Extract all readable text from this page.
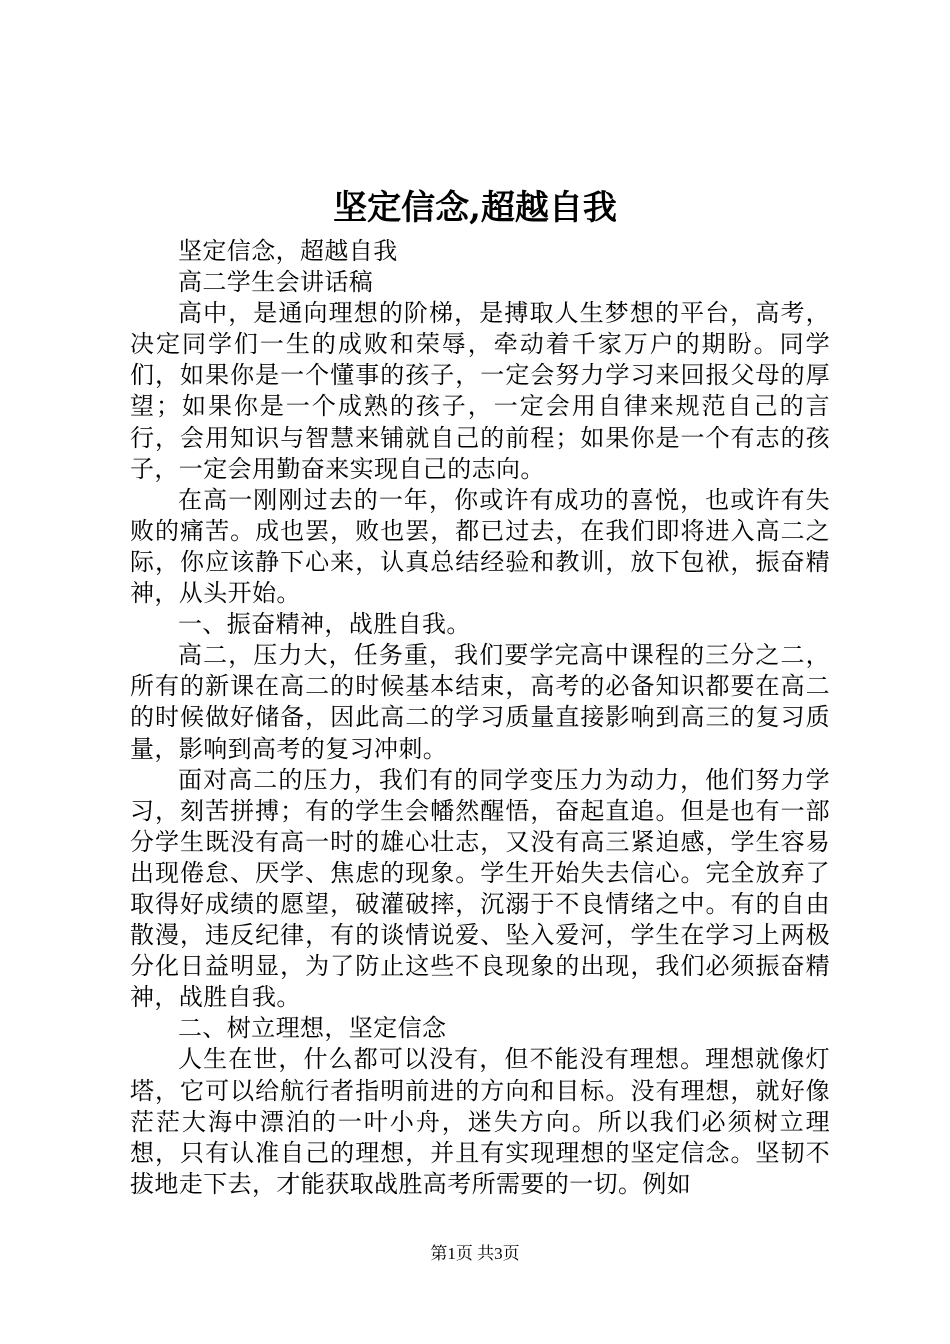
坚定信念,超越自我

坚定信念，超越自我

高二学生会讲话稿

高中，是通向理想的阶梯，是搏取人生梦想的平台，高考，决定同学们一生的成败和荣辱，牵动着千家万户的期盼。同学们，如果你是一个懂事的孩子，一定会努力学习来回报父母的厚望；如果你是一个成熟的孩子，一定会用自律来规范自己的言行，会用知识与智慧来铺就自己的前程；如果你是一个有志的孩子，一定会用勤奋来实现自己的志向。

在高一刚刚过去的一年，你或许有成功的喜悦，也或许有失败的痛苦。成也罢，败也罢，都已过去，在我们即将进入高二之际，你应该静下心来，认真总结经验和教训，放下包袱，振奋精神，从头开始。

一、振奋精神，战胜自我。

高二，压力大，任务重，我们要学完高中课程的三分之二，所有的新课在高二的时候基本结束，高考的必备知识都要在高二的时候做好储备，因此高二的学习质量直接影响到高三的复习质量，影响到高考的复习冲刺。

面对高二的压力，我们有的同学变压力为动力，他们努力学习，刻苦拼搏；有的学生会幡然醒悟，奋起直追。但是也有一部分学生既没有高一时的雄心壮志，又没有高三紧迫感，学生容易出现倦怠、厌学、焦虑的现象。学生开始失去信心。完全放弃了取得好成绩的愿望，破灌破摔，沉溺于不良情绪之中。有的自由散漫，违反纪律，有的谈情说爱、坠入爱河，学生在学习上两极分化日益明显，为了防止这些不良现象的出现，我们必须振奋精神，战胜自我。

二、树立理想，坚定信念

人生在世，什么都可以没有，但不能没有理想。理想就像灯塔，它可以给航行者指明前进的方向和目标。没有理想，就好像茫茫大海中漂泊的一叶小舟，迷失方向。所以我们必须树立理想，只有认准自己的理想，并且有实现理想的坚定信念。坚韧不拔地走下去，才能获取战胜高考所需要的一切。例如

第1页 共3页
